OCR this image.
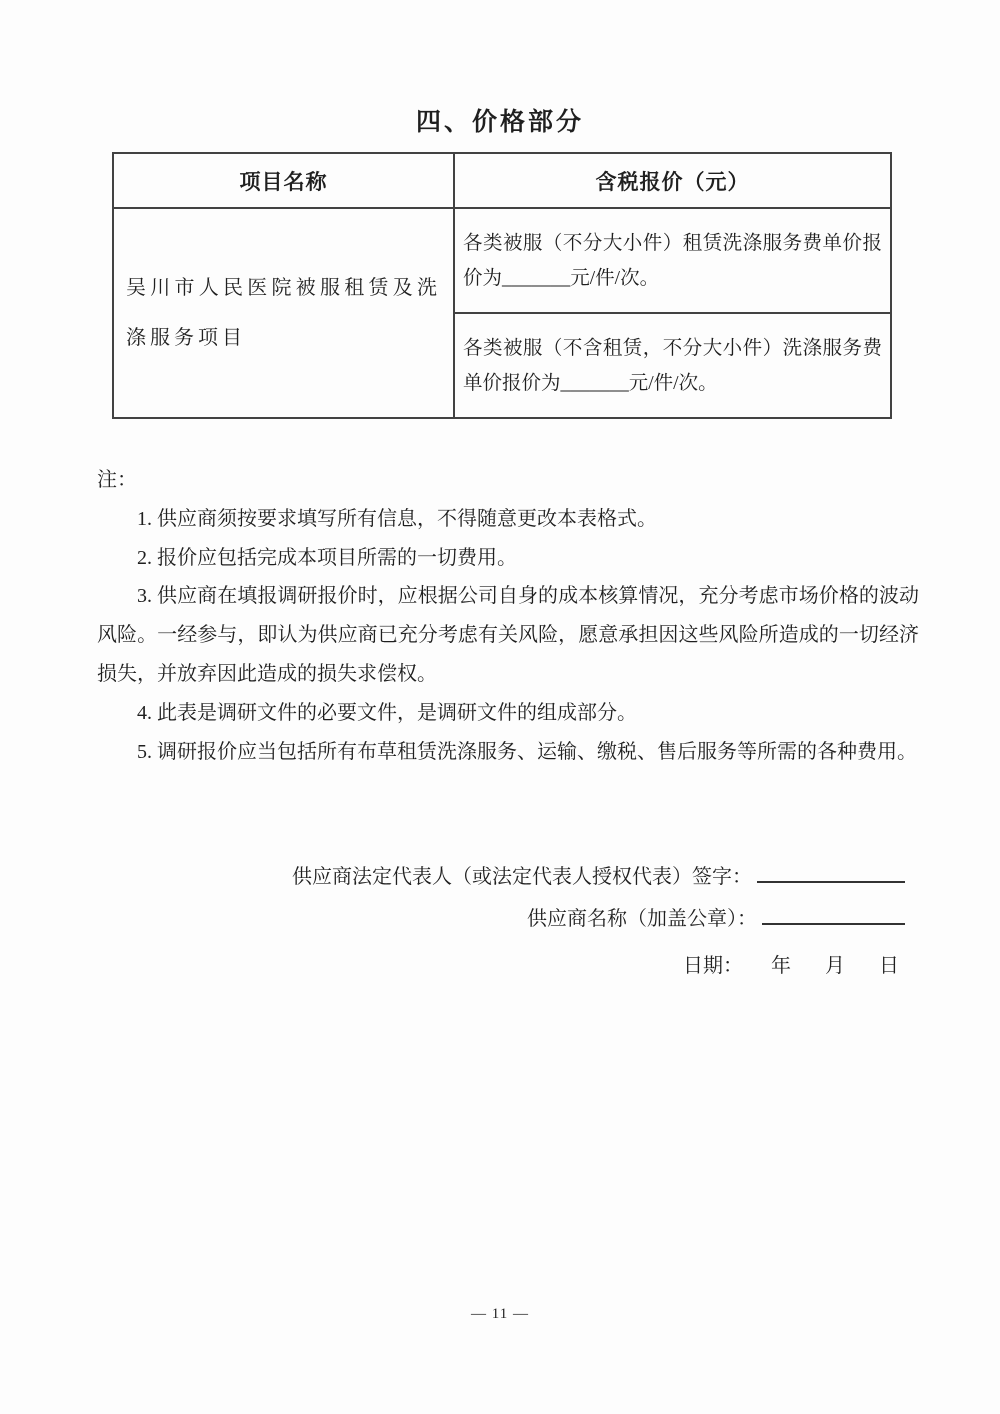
四、价格部分
项目名称	含税报价（元）
吴川市人民医院被服租赁及洗涤服务项目	各类被服（不分大小件）租赁洗涤服务费单价报价为_______元/件/次。
	各类被服（不含租赁，不分大小件）洗涤服务费单价报价为_______元/件/次。
注：

1. 供应商须按要求填写所有信息，不得随意更改本表格式。

2. 报价应包括完成本项目所需的一切费用。

3. 供应商在填报调研报价时，应根据公司自身的成本核算情况，充分考虑市场价格的波动风险。一经参与，即认为供应商已充分考虑有关风险，愿意承担因这些风险所造成的一切经济损失，并放弃因此造成的损失求偿权。

4. 此表是调研文件的必要文件，是调研文件的组成部分。

5. 调研报价应当包括所有布草租赁洗涤服务、运输、缴税、售后服务等所需的各种费用。

供应商法定代表人（或法定代表人授权代表）签字：
供应商名称（加盖公章）：
日期： 年 月 日
— 11 —
